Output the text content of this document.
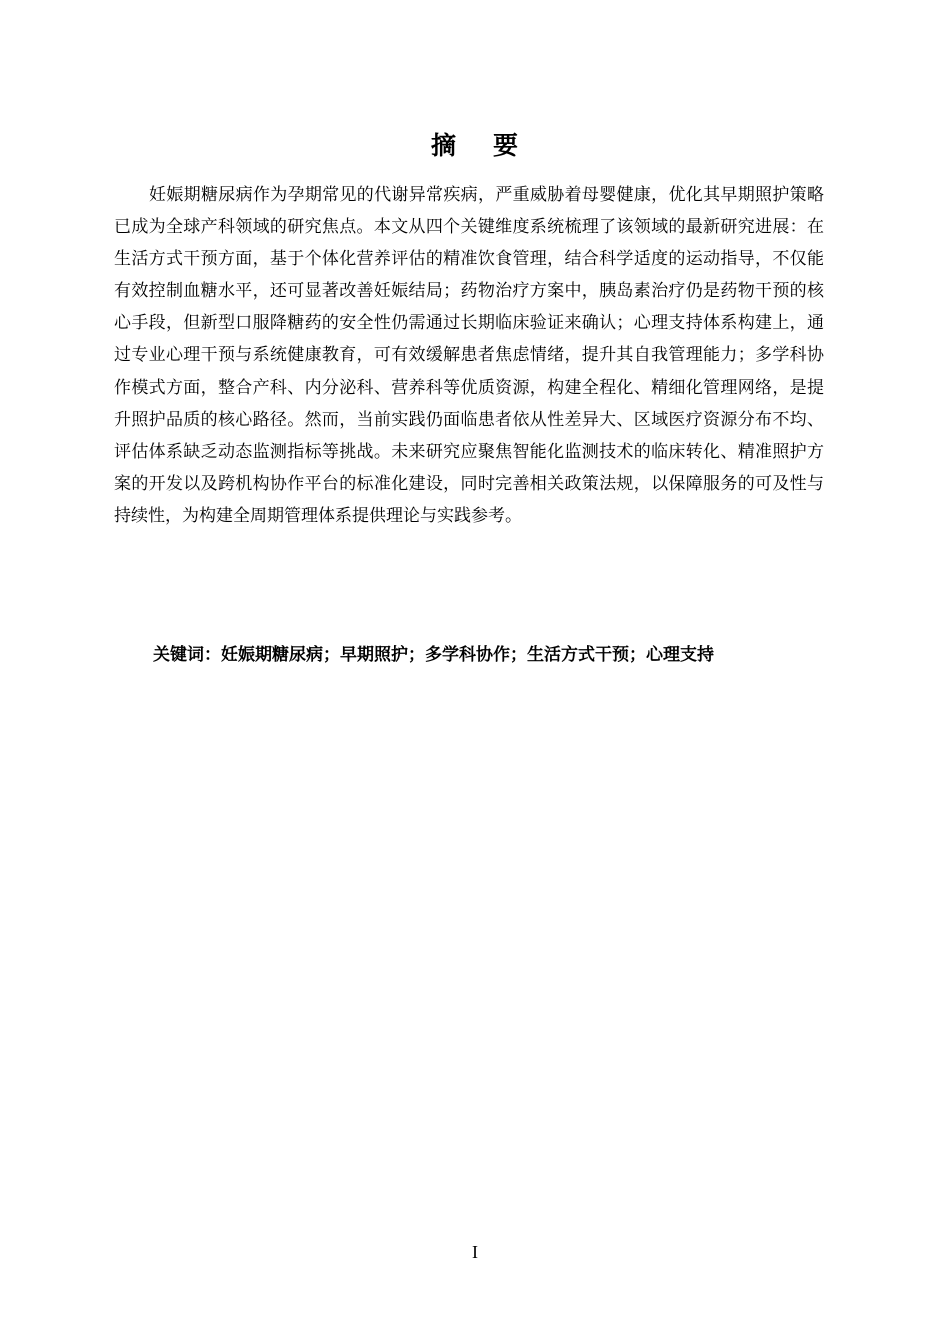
摘 要

妊娠期糖尿病作为孕期常见的代谢异常疾病，严重威胁着母婴健康，优化其早期照护策略已成为全球产科领域的研究焦点。本文从四个关键维度系统梳理了该领域的最新研究进展：在生活方式干预方面，基于个体化营养评估的精准饮食管理，结合科学适度的运动指导，不仅能有效控制血糖水平，还可显著改善妊娠结局；药物治疗方案中，胰岛素治疗仍是药物干预的核心手段，但新型口服降糖药的安全性仍需通过长期临床验证来确认；心理支持体系构建上，通过专业心理干预与系统健康教育，可有效缓解患者焦虑情绪，提升其自我管理能力；多学科协作模式方面，整合产科、内分泌科、营养科等优质资源，构建全程化、精细化管理网络，是提升照护品质的核心路径。然而，当前实践仍面临患者依从性差异大、区域医疗资源分布不均、评估体系缺乏动态监测指标等挑战。未来研究应聚焦智能化监测技术的临床转化、精准照护方案的开发以及跨机构协作平台的标准化建设，同时完善相关政策法规，以保障服务的可及性与持续性，为构建全周期管理体系提供理论与实践参考。

关键词：妊娠期糖尿病；早期照护；多学科协作；生活方式干预；心理支持

I
